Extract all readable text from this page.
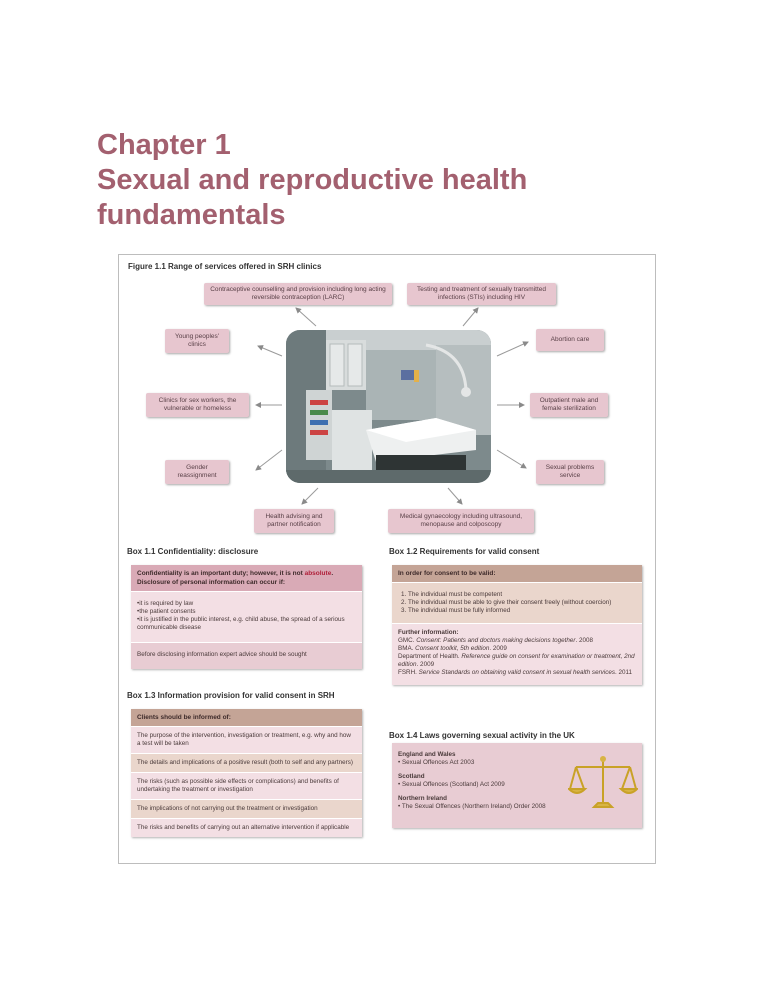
Chapter 1
Sexual and reproductive health
fundamentals
Figure 1.1 Range of services offered in SRH clinics
Contraceptive counselling and provision including long acting reversible contraception (LARC)
Testing and treatment of sexually transmitted infections (STIs) including HIV
Young peoples' clinics
Abortion care
Clinics for sex workers, the vulnerable or homeless
Outpatient male and female sterilization
Gender reassignment
Sexual problems service
Health advising and partner notification
Medical gynaecology including ultrasound, menopause and colposcopy
Box 1.1 Confidentiality: disclosure
Confidentiality is an important duty; however, it is not absolute. Disclosure of personal information can occur if:
• it is required by law
• the patient consents
• it is justified in the public interest, e.g. child abuse, the spread of a serious communicable disease
Before disclosing information expert advice should be sought
Box 1.2 Requirements for valid consent
In order for consent to be valid:
1. The individual must be competent
2. The individual must be able to give their consent freely (without coercion)
3. The individual must be fully informed
Further information:
GMC. Consent: Patients and doctors making decisions together. 2008
BMA. Consent toolkit, 5th edition. 2009
Department of Health. Reference guide on consent for examination or treatment, 2nd edition. 2009
FSRH. Service Standards on obtaining valid consent in sexual health services. 2011
Box 1.3 Information provision for valid consent in SRH
Clients should be informed of:
The purpose of the intervention, investigation or treatment, e.g. why and how a test will be taken
The details and implications of a positive result (both to self and any partners)
The risks (such as possible side effects or complications) and benefits of undertaking the treatment or investigation
The implications of not carrying out the treatment or investigation
The risks and benefits of carrying out an alternative intervention if applicable
Box 1.4 Laws governing sexual activity in the UK
England and Wales
• Sexual Offences Act 2003
Scotland
• Sexual Offences (Scotland) Act 2009
Northern Ireland
• The Sexual Offences (Northern Ireland) Order 2008
